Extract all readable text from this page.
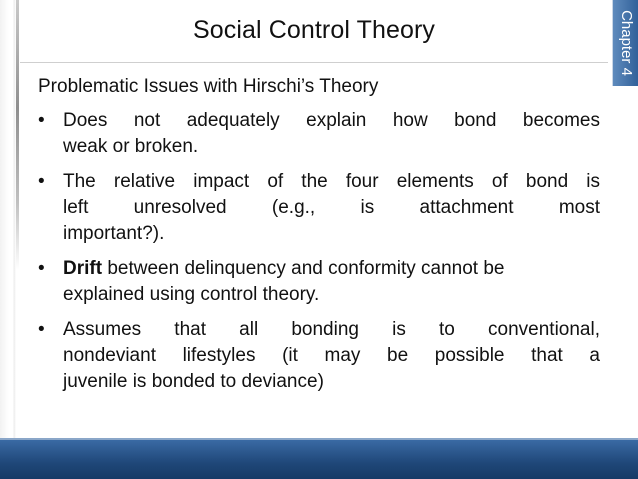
Social Control Theory	Chapter 4
Problematic Issues with Hirschi’s Theory
• Does not adequately explain how bond becomes
weak or broken.
• The relative impact of the four elements of bond is
left unresolved (e.g., is attachment most
important?).
• Drift between delinquency and conformity cannot be
explained using control theory.
• Assumes that all bonding is to conventional,
nondeviant lifestyles (it may be possible that a
juvenile is bonded to deviance)
